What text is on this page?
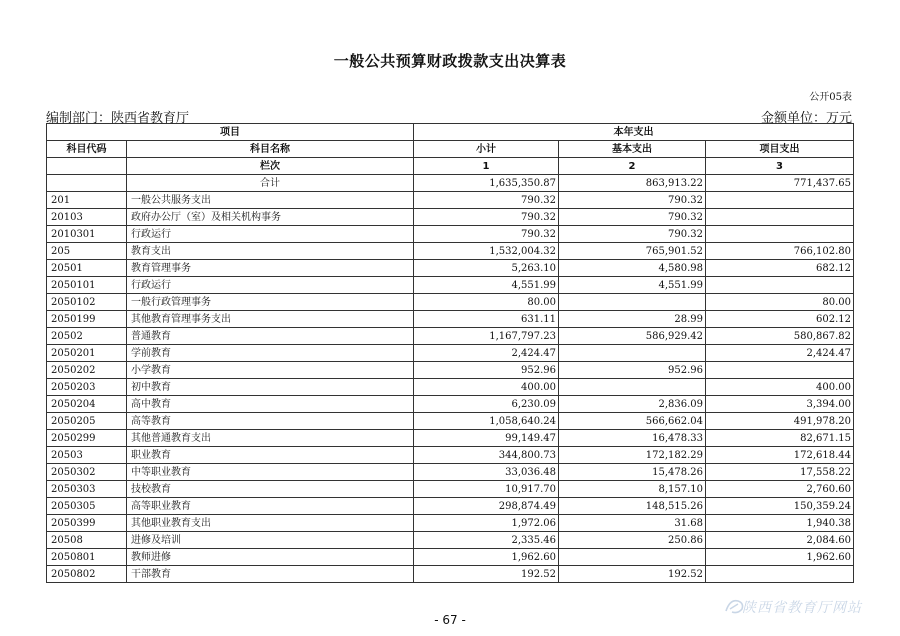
一般公共预算财政拨款支出决算表
公开05表
编制部门：陕西省教育厅	金额单位：万元
项目		本年支出		
科目代码	科目名称	小计	基本支出	项目支出
	栏次	1	2	3
	合计	1,635,350.87	863,913.22	771,437.65
201	一般公共服务支出	790.32	790.32	
20103	政府办公厅（室）及相关机构事务	790.32	790.32	
2010301	行政运行	790.32	790.32	
205	教育支出	1,532,004.32	765,901.52	766,102.80
20501	教育管理事务	5,263.10	4,580.98	682.12
2050101	行政运行	4,551.99	4,551.99	
2050102	一般行政管理事务	80.00		80.00
2050199	其他教育管理事务支出	631.11	28.99	602.12
20502	普通教育	1,167,797.23	586,929.42	580,867.82
2050201	学前教育	2,424.47		2,424.47
2050202	小学教育	952.96	952.96	
2050203	初中教育	400.00		400.00
2050204	高中教育	6,230.09	2,836.09	3,394.00
2050205	高等教育	1,058,640.24	566,662.04	491,978.20
2050299	其他普通教育支出	99,149.47	16,478.33	82,671.15
20503	职业教育	344,800.73	172,182.29	172,618.44
2050302	中等职业教育	33,036.48	15,478.26	17,558.22
2050303	技校教育	10,917.70	8,157.10	2,760.60
2050305	高等职业教育	298,874.49	148,515.26	150,359.24
2050399	其他职业教育支出	1,972.06	31.68	1,940.38
20508	进修及培训	2,335.46	250.86	2,084.60
2050801	教师进修	1,962.60		1,962.60
2050802	干部教育	192.52	192.52	
- 67 -
陕西省教育厅网站
